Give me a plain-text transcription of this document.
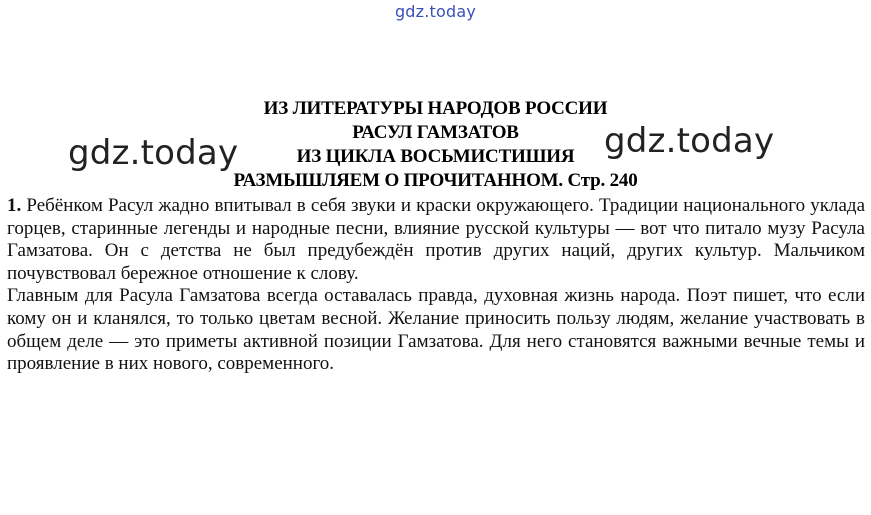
gdz.today
gdz.today	gdz.today
ИЗ ЛИТЕРАТУРЫ НАРОДОВ РОССИИ
РАСУЛ ГАМЗАТОВ
ИЗ ЦИКЛА ВОСЬМИСТИШИЯ
РАЗМЫШЛЯЕМ О ПРОЧИТАННОМ. Стр. 240

1. Ребёнком Расул жадно впитывал в себя звуки и краски окружающего. Традиции национального уклада горцев, старинные легенды и народные песни, влияние русской культуры — вот что питало музу Расула Гамзатова. Он с детства не был предубеждён против других наций, других культур. Мальчиком почувствовал бережное отношение к слову.

Главным для Расула Гамзатова всегда оставалась правда, духовная жизнь народа. Поэт пишет, что если кому он и кланялся, то только цветам весной. Желание приносить пользу людям, желание участвовать в общем деле — это приметы активной позиции Гамзатова. Для него становятся важными вечные темы и проявление в них нового, современного.
